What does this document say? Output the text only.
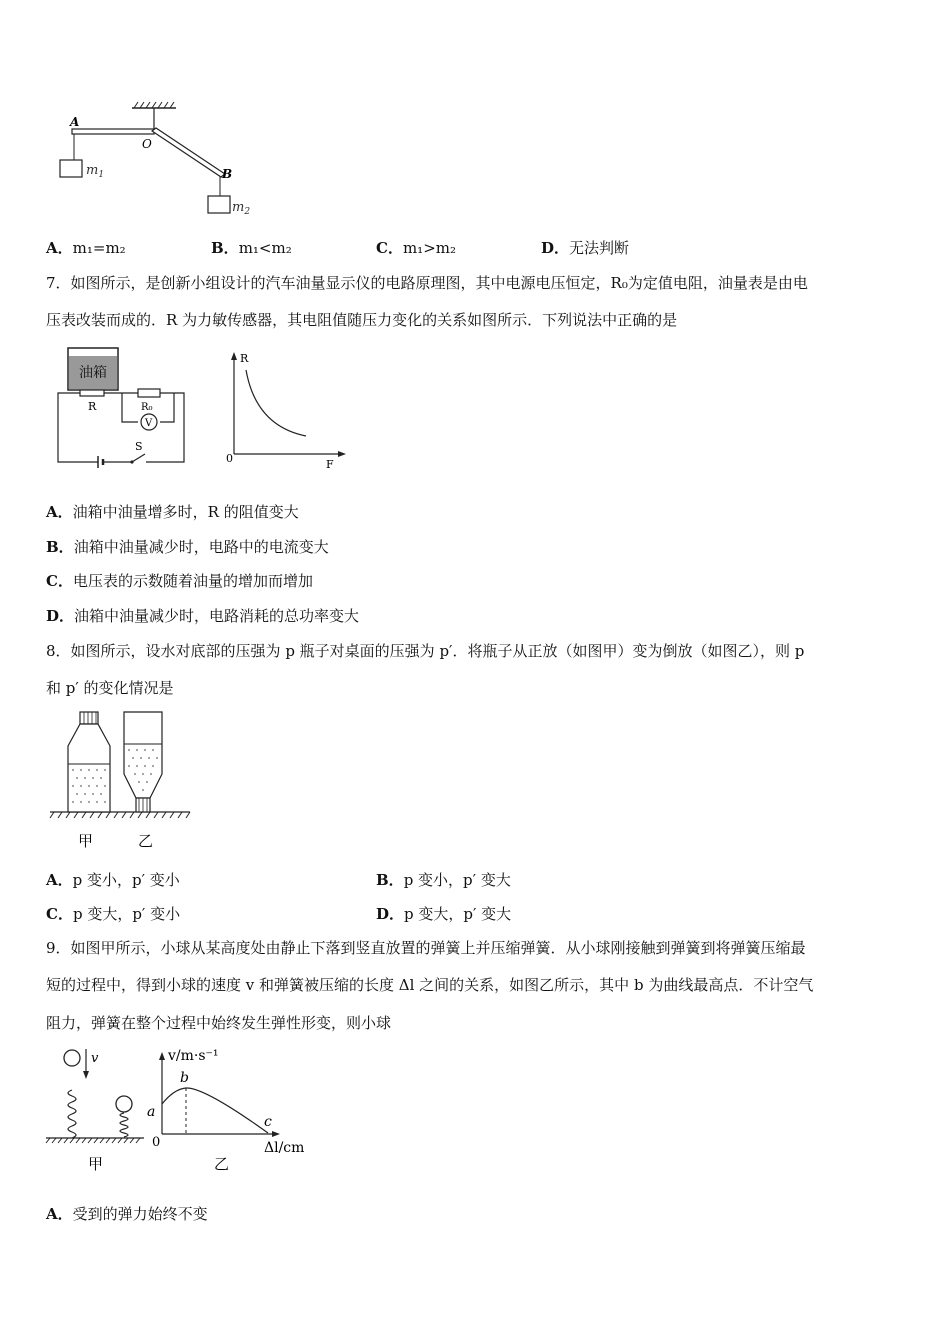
A
O
B
$m_1$
$m_2$
A．m₁=m₂	B．m₁<m₂	C．m₁>m₂	D．无法判断
7．如图所示，是创新小组设计的汽车油量显示仪的电路原理图，其中电源电压恒定，R₀为定值电阻，油量表是由电
压表改装而成的．R 为力敏传感器，其电阻值随压力变化的关系如图所示．下列说法中正确的是
油箱
R
S
V
R₀
R
F
0
A．油箱中油量增多时，R 的阻值变大
B．油箱中油量减少时，电路中的电流变大
C．电压表的示数随着油量的增加而增加
D．油箱中油量减少时，电路消耗的总功率变大
8．如图所示，设水对底部的压强为 p 瓶子对桌面的压强为 p′．将瓶子从正放（如图甲）变为倒放（如图乙），则 p
和 p′ 的变化情况是
甲	乙
A．p 变小，p′ 变小	B．p 变小，p′ 变大
C．p 变大，p′ 变小	D．p 变大，p′ 变大
9．如图甲所示，小球从某高度处由静止下落到竖直放置的弹簧上并压缩弹簧．从小球刚接触到弹簧到将弹簧压缩最
短的过程中，得到小球的速度 v 和弹簧被压缩的长度 Δl 之间的关系，如图乙所示，其中 b 为曲线最高点．不计空气
阻力，弹簧在整个过程中始终发生弹性形变，则小球
v
甲
v/m·s⁻¹
Δl/cm
a
b
c
0
乙
A．受到的弹力始终不变
